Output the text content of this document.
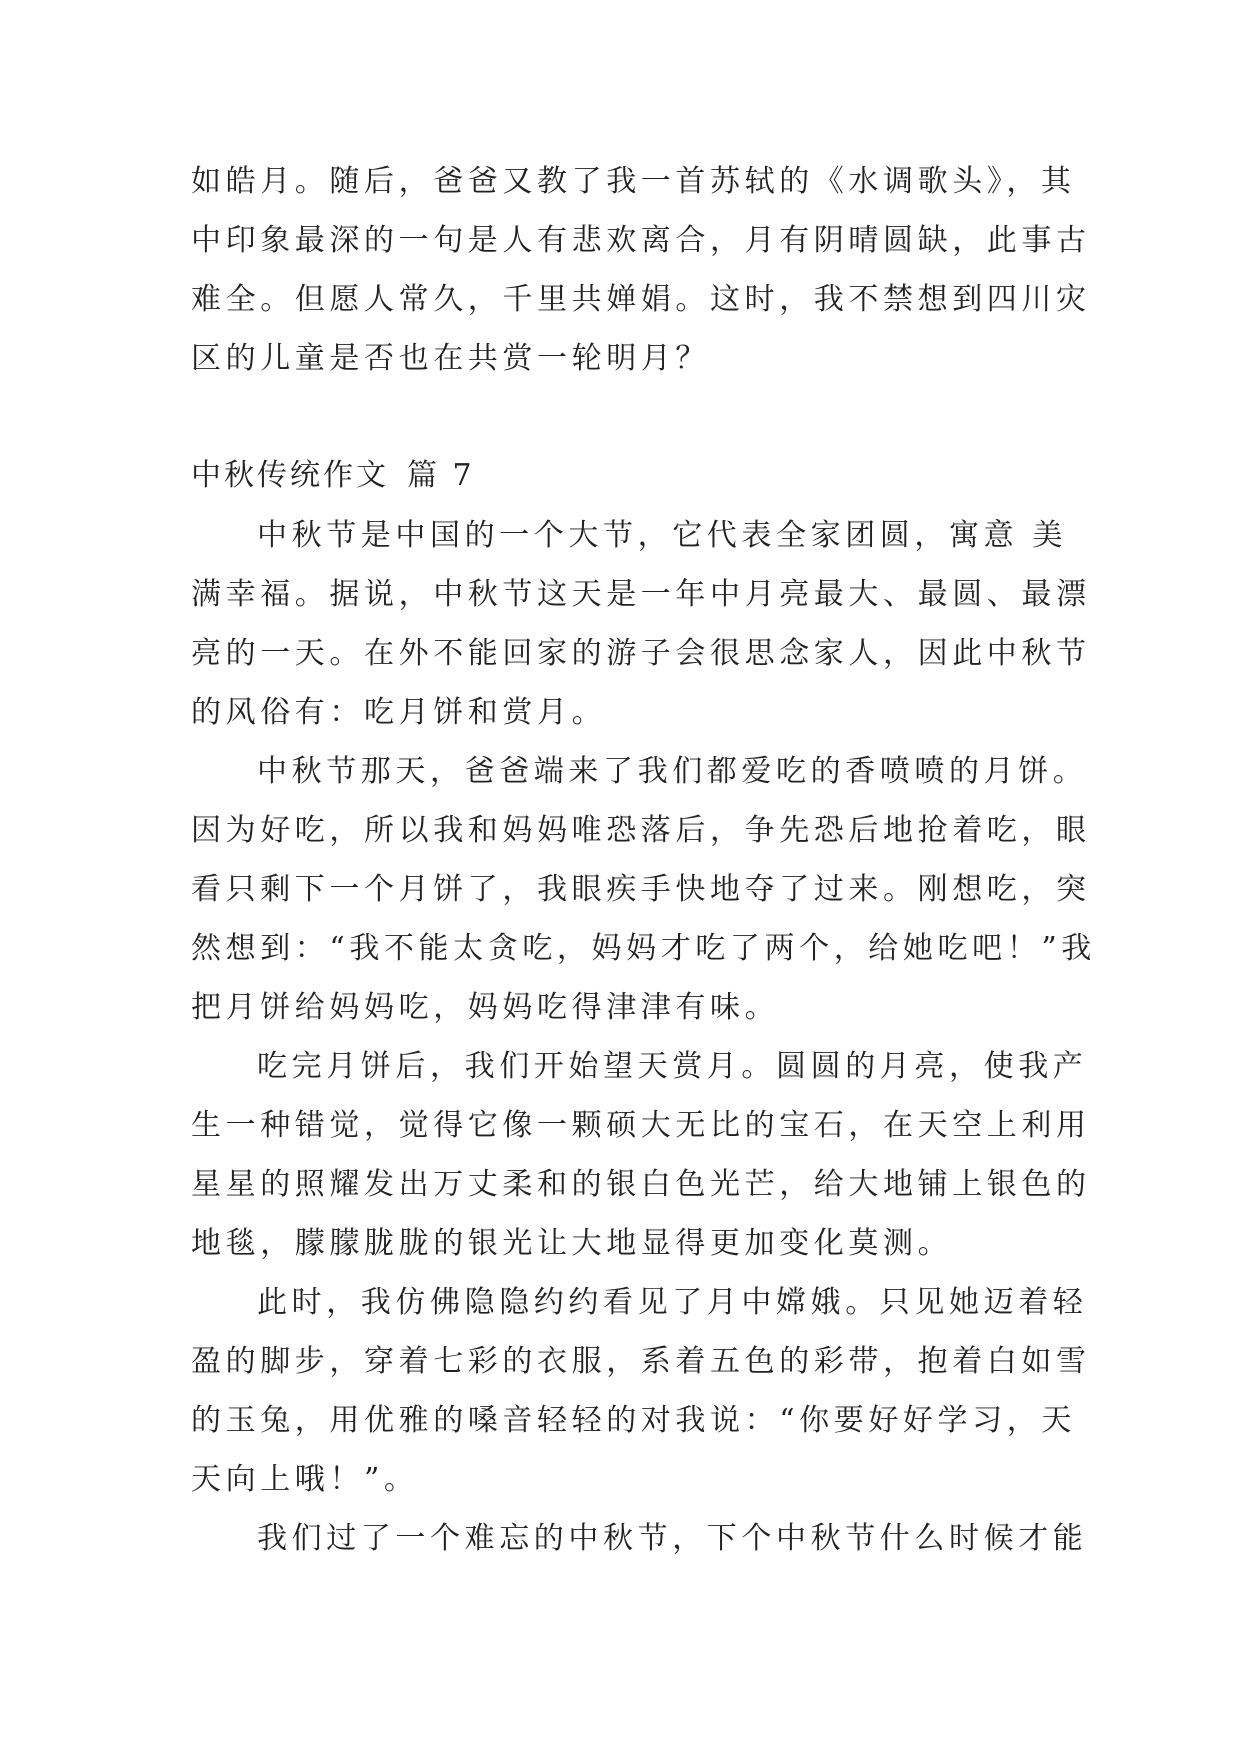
如皓月。随后，爸爸又教了我一首苏轼的《水调歌头》，其
中印象最深的一句是人有悲欢离合，月有阴晴圆缺，此事古
难全。但愿人常久，千里共婵娟。这时，我不禁想到四川灾
区的儿童是否也在共赏一轮明月？
中秋传统作文 篇 7
中秋节是中国的一个大节，它代表全家团圆，寓意 美
满幸福。据说，中秋节这天是一年中月亮最大、最圆、最漂
亮的一天。在外不能回家的游子会很思念家人，因此中秋节
的风俗有：吃月饼和赏月。
中秋节那天，爸爸端来了我们都爱吃的香喷喷的月饼。
因为好吃，所以我和妈妈唯恐落后，争先恐后地抢着吃，眼
看只剩下一个月饼了，我眼疾手快地夺了过来。刚想吃，突
然想到：“我不能太贪吃，妈妈才吃了两个，给她吃吧！”我
把月饼给妈妈吃，妈妈吃得津津有味。
吃完月饼后，我们开始望天赏月。圆圆的月亮，使我产
生一种错觉，觉得它像一颗硕大无比的宝石，在天空上利用
星星的照耀发出万丈柔和的银白色光芒，给大地铺上银色的
地毯，朦朦胧胧的银光让大地显得更加变化莫测。
此时，我仿佛隐隐约约看见了月中嫦娥。只见她迈着轻
盈的脚步，穿着七彩的衣服，系着五色的彩带，抱着白如雪
的玉兔，用优雅的嗓音轻轻的对我说：“你要好好学习，天
天向上哦！”。
我们过了一个难忘的中秋节，下个中秋节什么时候才能
